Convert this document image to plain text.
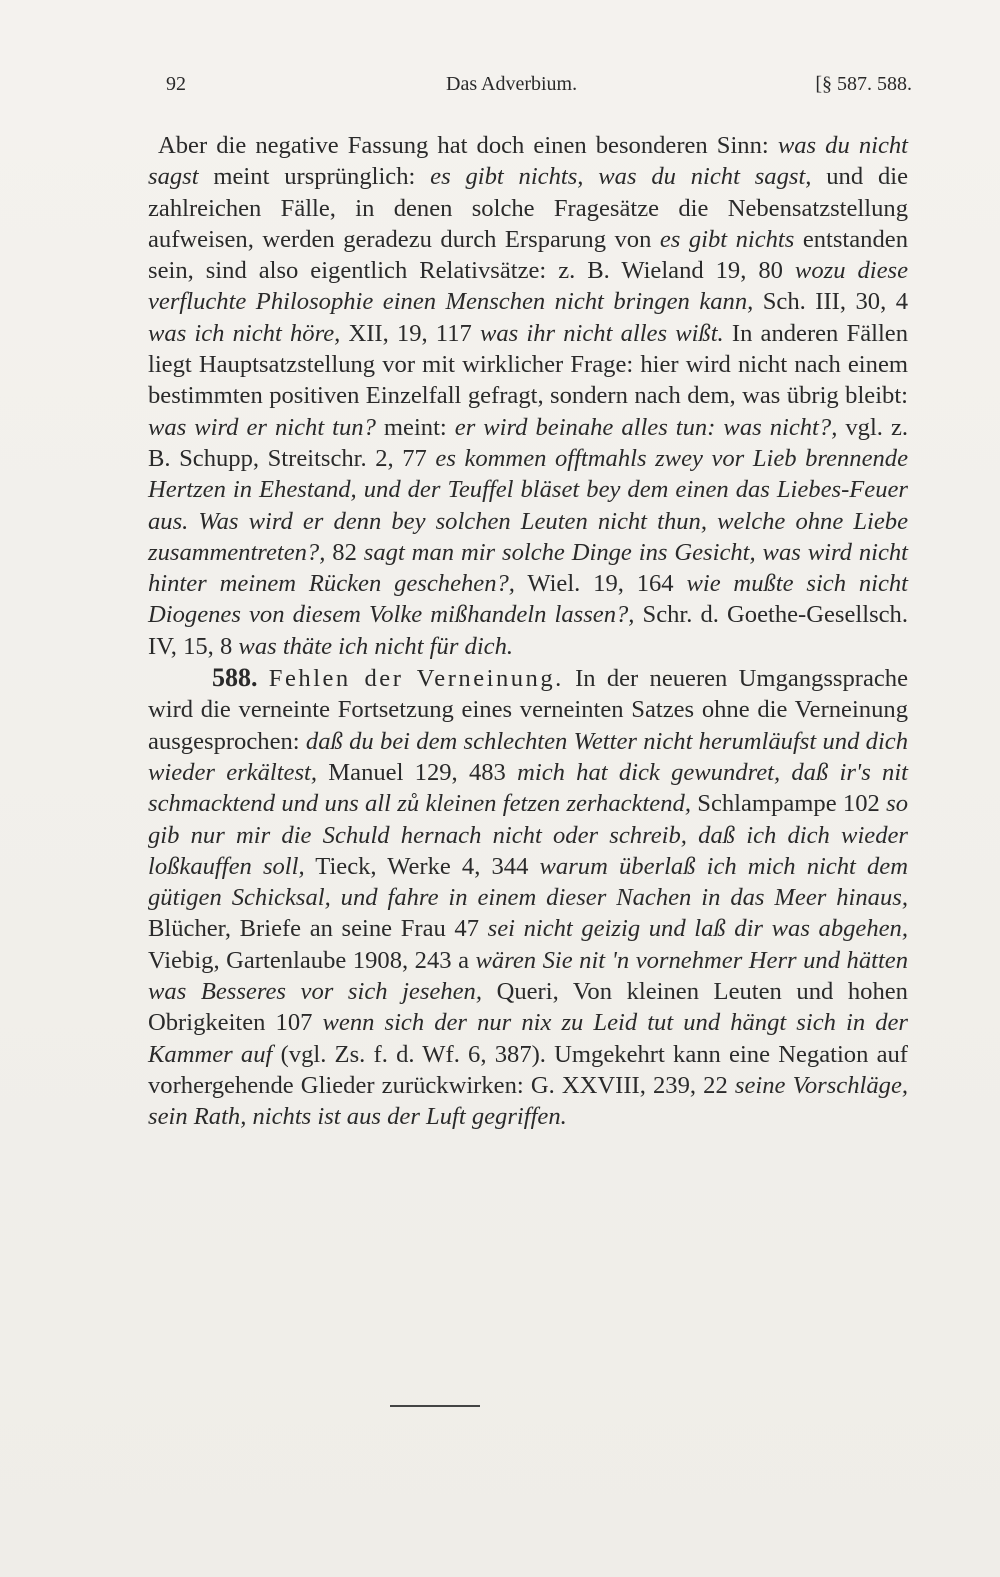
92	Das Adverbium.	[§ 587. 588.

Aber die negative Fassung hat doch einen besonderen Sinn: was du nicht sagst meint ursprünglich: es gibt nichts, was du nicht sagst, und die zahlreichen Fälle, in denen solche Fragesätze die Nebensatzstellung aufweisen, werden geradezu durch Ersparung von es gibt nichts entstanden sein, sind also eigentlich Relativsätze: z. B. Wieland 19, 80 wozu diese verfluchte Philosophie einen Menschen nicht bringen kann, Sch. III, 30, 4 was ich nicht höre, XII, 19, 117 was ihr nicht alles wißt. In anderen Fällen liegt Hauptsatzstellung vor mit wirklicher Frage: hier wird nicht nach einem bestimmten positiven Einzelfall gefragt, sondern nach dem, was übrig bleibt: was wird er nicht tun? meint: er wird beinahe alles tun: was nicht?, vgl. z. B. Schupp, Streitschr. 2, 77 es kommen offtmahls zwey vor Lieb brennende Hertzen in Ehestand, und der Teuffel bläset bey dem einen das Liebes-Feuer aus. Was wird er denn bey solchen Leuten nicht thun, welche ohne Liebe zusammentreten?, 82 sagt man mir solche Dinge ins Gesicht, was wird nicht hinter meinem Rücken geschehen?, Wiel. 19, 164 wie mußte sich nicht Diogenes von diesem Volke mißhandeln lassen?, Schr. d. Goethe-Gesellsch. IV, 15, 8 was thäte ich nicht für dich.

588. Fehlen der Verneinung. In der neueren Umgangssprache wird die verneinte Fortsetzung eines verneinten Satzes ohne die Verneinung ausgesprochen: daß du bei dem schlechten Wetter nicht herumläufst und dich wieder erkältest, Manuel 129, 483 mich hat dick gewundret, daß ir's nit schmacktend und uns all zů kleinen fetzen zerhacktend, Schlampampe 102 so gib nur mir die Schuld hernach nicht oder schreib, daß ich dich wieder loßkauffen soll, Tieck, Werke 4, 344 warum überlaß ich mich nicht dem gütigen Schicksal, und fahre in einem dieser Nachen in das Meer hinaus, Blücher, Briefe an seine Frau 47 sei nicht geizig und laß dir was abgehen, Viebig, Gartenlaube 1908, 243 a wären Sie nit 'n vornehmer Herr und hätten was Besseres vor sich jesehen, Queri, Von kleinen Leuten und hohen Obrigkeiten 107 wenn sich der nur nix zu Leid tut und hängt sich in der Kammer auf (vgl. Zs. f. d. Wf. 6, 387). Umgekehrt kann eine Negation auf vorhergehende Glieder zurückwirken: G. XXVIII, 239, 22 seine Vorschläge, sein Rath, nichts ist aus der Luft gegriffen.
